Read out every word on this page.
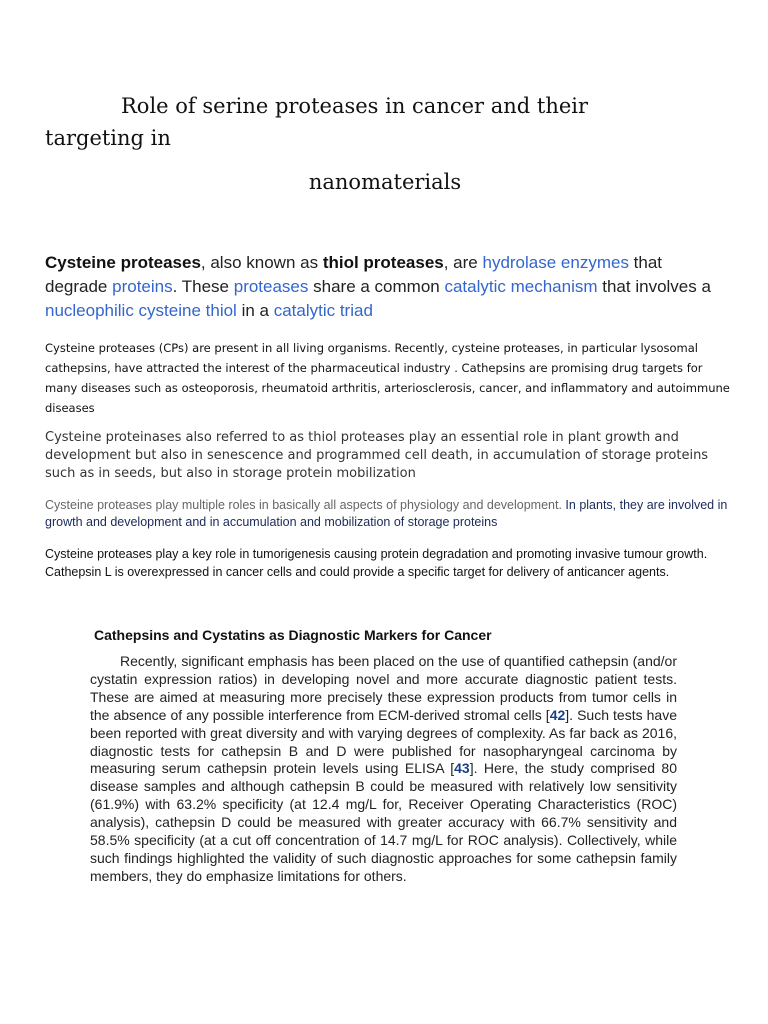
Role of serine proteases in cancer and their
targeting in
nanomaterials
Cysteine proteases, also known as thiol proteases, are hydrolase enzymes that degrade proteins. These proteases share a common catalytic mechanism that involves a nucleophilic cysteine thiol in a catalytic triad
Cysteine proteases (CPs) are present in all living organisms. Recently, cysteine proteases, in particular lysosomal cathepsins, have attracted the interest of the pharmaceutical industry . Cathepsins are promising drug targets for many diseases such as osteoporosis, rheumatoid arthritis, arteriosclerosis, cancer, and inflammatory and autoimmune diseases
Cysteine proteinases also referred to as thiol proteases play an essential role in plant growth and development but also in senescence and programmed cell death, in accumulation of storage proteins such as in seeds, but also in storage protein mobilization
Cysteine proteases play multiple roles in basically all aspects of physiology and development. In plants, they are involved in growth and development and in accumulation and mobilization of storage proteins
Cysteine proteases play a key role in tumorigenesis causing protein degradation and promoting invasive tumour growth. Cathepsin L is overexpressed in cancer cells and could provide a specific target for delivery of anticancer agents.
Cathepsins and Cystatins as Diagnostic Markers for Cancer

Recently, significant emphasis has been placed on the use of quantified cathepsin (and/or cystatin expression ratios) in developing novel and more accurate diagnostic patient tests. These are aimed at measuring more precisely these expression products from tumor cells in the absence of any possible interference from ECM-derived stromal cells [42]. Such tests have been reported with great diversity and with varying degrees of complexity. As far back as 2016, diagnostic tests for cathepsin B and D were published for nasopharyngeal carcinoma by measuring serum cathepsin protein levels using ELISA [43]. Here, the study comprised 80 disease samples and although cathepsin B could be measured with relatively low sensitivity (61.9%) with 63.2% specificity (at 12.4 mg/L for, Receiver Operating Characteristics (ROC) analysis), cathepsin D could be measured with greater accuracy with 66.7% sensitivity and 58.5% specificity (at a cut off concentration of 14.7 mg/L for ROC analysis). Collectively, while such findings highlighted the validity of such diagnostic approaches for some cathepsin family members, they do emphasize limitations for others.
